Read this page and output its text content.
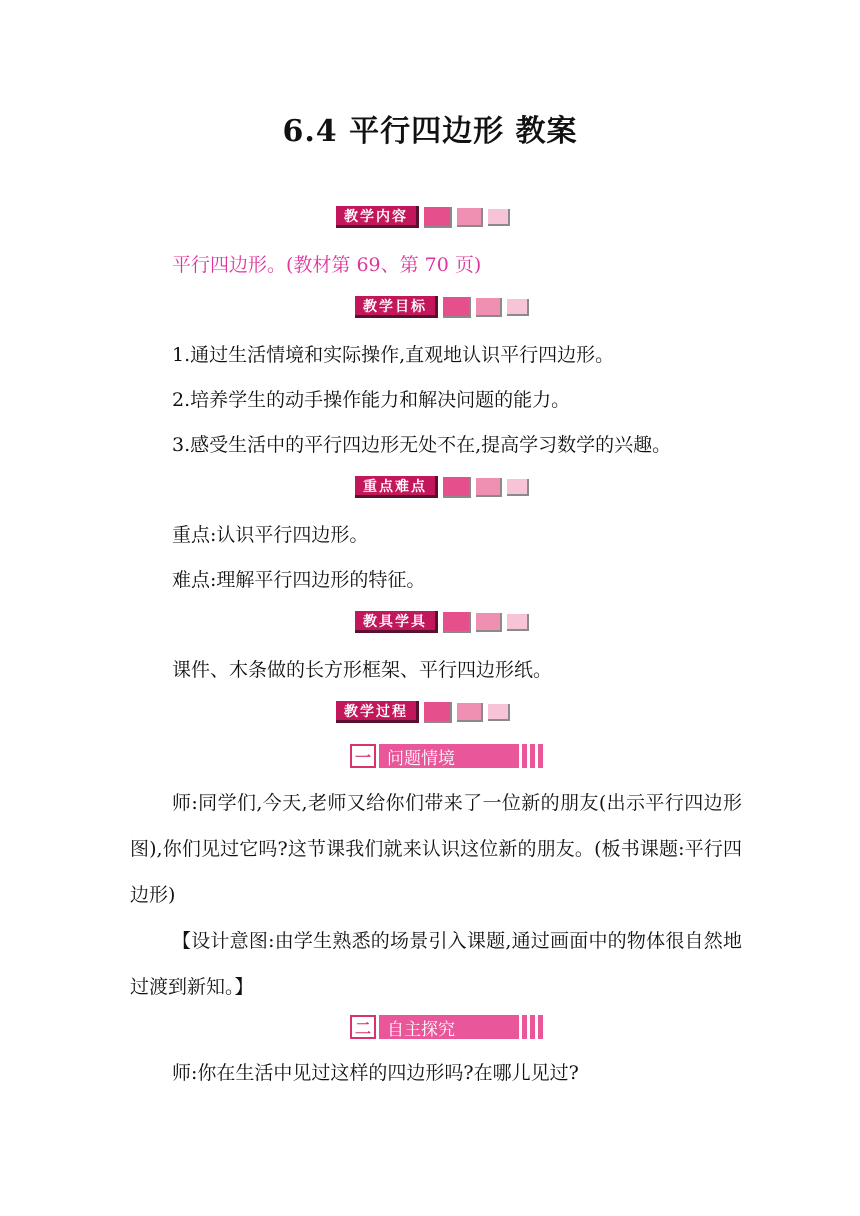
6.4 平行四边形 教案
教学内容
平行四边形。(教材第 69、第 70 页)
教学目标
1.通过生活情境和实际操作,直观地认识平行四边形。
2.培养学生的动手操作能力和解决问题的能力。
3.感受生活中的平行四边形无处不在,提高学习数学的兴趣。
重点难点
重点:认识平行四边形。
难点:理解平行四边形的特征。
教具学具
课件、木条做的长方形框架、平行四边形纸。
教学过程
一 问题情境
师:同学们,今天,老师又给你们带来了一位新的朋友(出示平行四边形图),你们见过它吗?这节课我们就来认识这位新的朋友。(板书课题:平行四边形)
【设计意图:由学生熟悉的场景引入课题,通过画面中的物体很自然地过渡到新知。】
二 自主探究
师:你在生活中见过这样的四边形吗?在哪儿见过?
